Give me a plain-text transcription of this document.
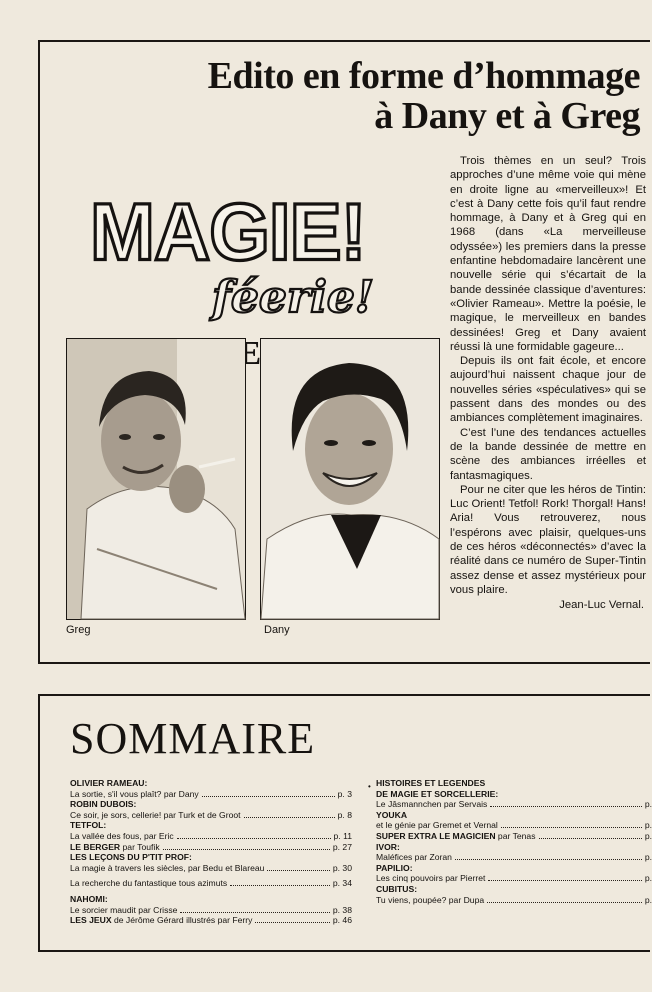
Edito en forme d’hommage
à Dany et à Greg
MAGIE!
féerie!
Greg	Dany

Trois thèmes en un seul? Trois approches d’une même voie qui mène en droite ligne au «merveilleux»! Et c’est à Dany cette fois qu’il faut rendre hommage, à Dany et à Greg qui en 1968 (dans «La merveilleuse odyssée») les premiers dans la presse enfantine hebdomadaire lancèrent une nouvelle série qui s’écartait de la bande dessinée classique d’aventures: «Olivier Rameau». Mettre la poésie, le magique, le merveilleux en bandes dessinées! Greg et Dany avaient réussi là une formidable gageure...

Depuis ils ont fait école, et encore aujourd’hui naissent chaque jour de nouvelles séries «spéculatives» qui se passent dans des mondes ou des ambiances complètement imaginaires.

C’est l’une des tendances actuelles de la bande dessinée de mettre en scène des ambiances irréelles et fantasmagiques.

Pour ne citer que les héros de Tintin: Luc Orient! Tetfol! Rork! Thorgal! Hans! Aria! Vous retrouverez, nous l’espérons avec plaisir, quelques-uns de ces héros «déconnectés» d’avec la réalité dans ce numéro de Super-Tintin assez dense et assez mystérieux pour vous plaire.

Jean-Luc Vernal.
SOMMAIRE
OLIVIER RAMEAU:
La sortie, s'il vous plaît? par Dany	p. 3
ROBIN DUBOIS:
Ce soir, je sors, cellerie! par Turk et de Groot	p. 8
TETFOL:
La vallée des fous, par Eric	p. 11
LE BERGER par Toufik	p. 27
LES LEÇONS DU P'TIT PROF:
La magie à travers les siècles, par Bedu et Blareau	p. 30
La recherche du fantastique tous azimuts	p. 34
NAHOMI:
Le sorcier maudit par Crisse	p. 38
LES JEUX de Jérôme Gérard illustrés par Ferry	p. 46
• HISTOIRES ET LEGENDES
DE MAGIE ET SORCELLERIE:
Le Jâsmannchen par Servais	p.
YOUKA
et le génie par Gremet et Vernal	p.
SUPER EXTRA LE MAGICIEN par Tenas	p.
IVOR:
Maléfices par Zoran	p.
PAPILIO:
Les cinq pouvoirs par Pierret	p.
CUBITUS:
Tu viens, poupée? par Dupa	p.
